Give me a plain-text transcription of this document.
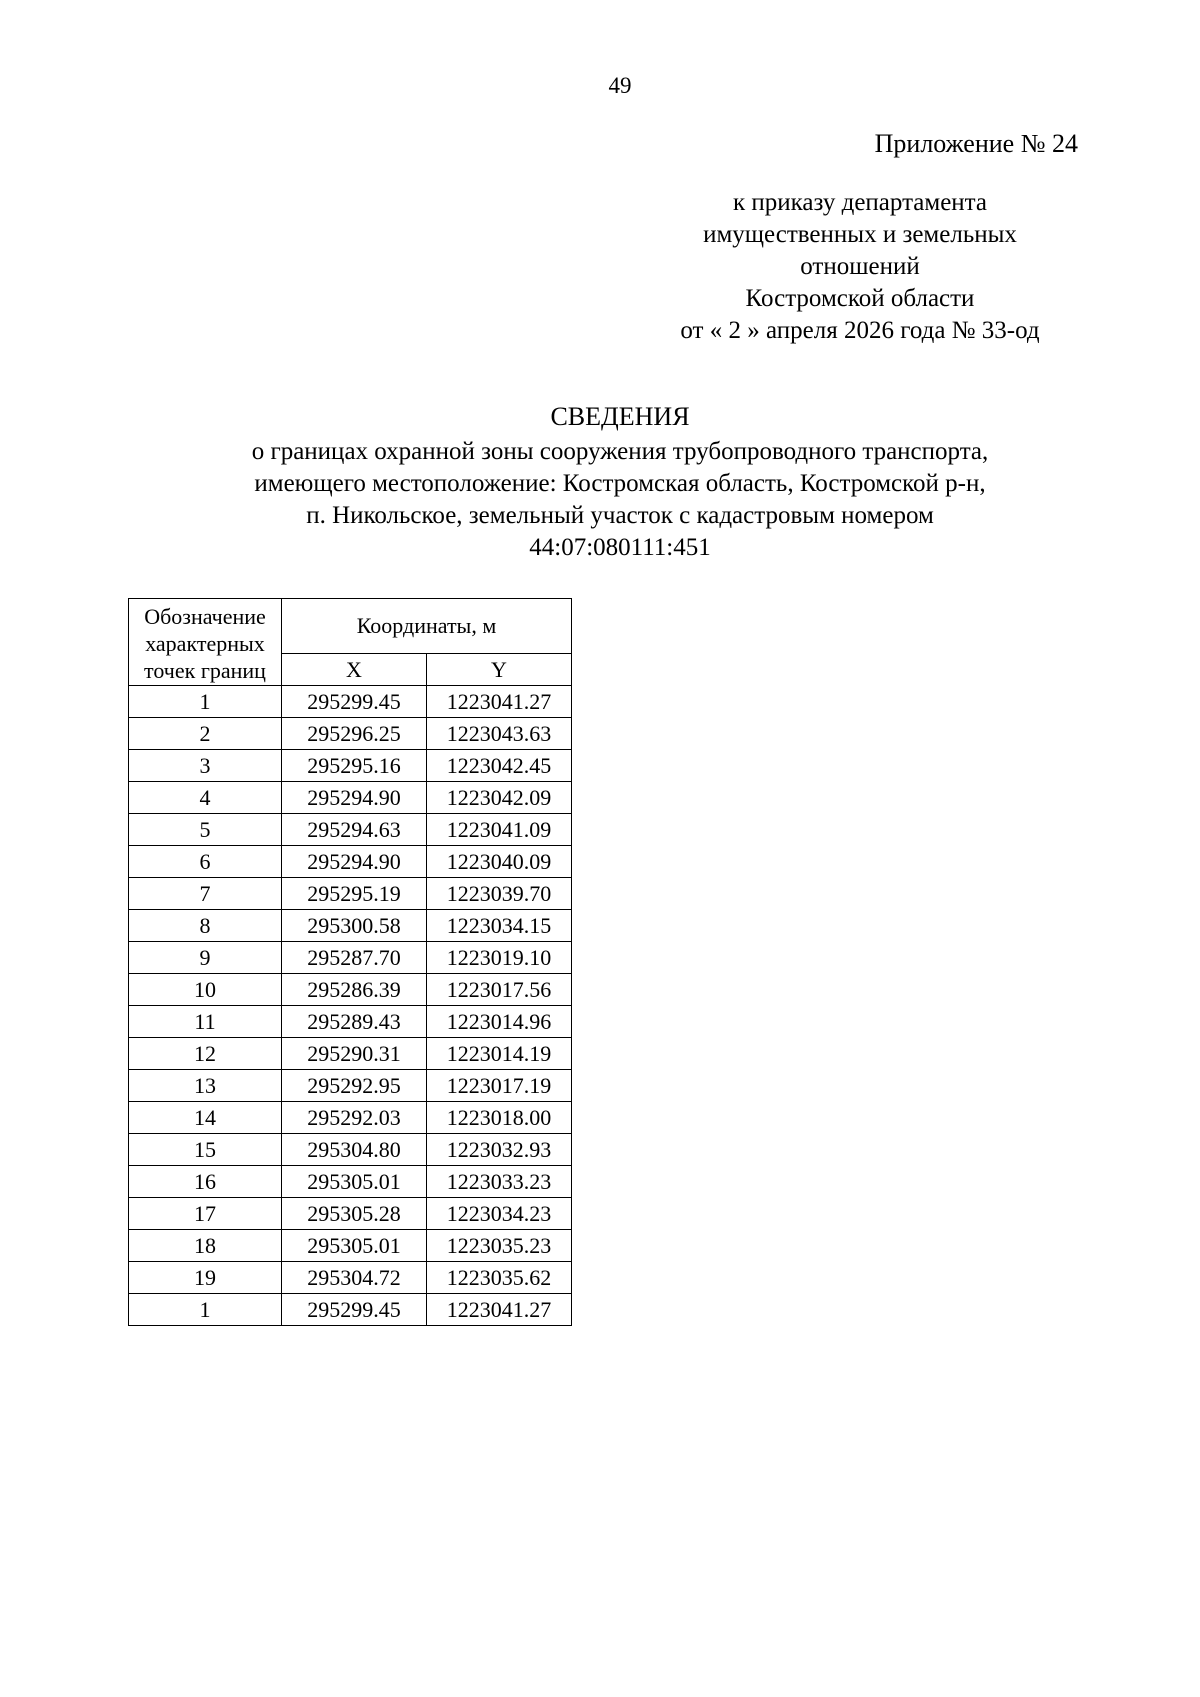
49
Приложение № 24
к приказу департамента
имущественных и земельных
отношений
Костромской области
от « 2 » апреля 2026 года № 33-од
СВЕДЕНИЯ
о границах охранной зоны сооружения трубопроводного транспорта,
имеющего местоположение: Костромская область, Костромской р-н,
п. Никольское, земельный участок с кадастровым номером
44:07:080111:451
Обозначение
характерных
точек границ	Координаты, м	
	X	Y
1	295299.45	1223041.27
2	295296.25	1223043.63
3	295295.16	1223042.45
4	295294.90	1223042.09
5	295294.63	1223041.09
6	295294.90	1223040.09
7	295295.19	1223039.70
8	295300.58	1223034.15
9	295287.70	1223019.10
10	295286.39	1223017.56
11	295289.43	1223014.96
12	295290.31	1223014.19
13	295292.95	1223017.19
14	295292.03	1223018.00
15	295304.80	1223032.93
16	295305.01	1223033.23
17	295305.28	1223034.23
18	295305.01	1223035.23
19	295304.72	1223035.62
1	295299.45	1223041.27
